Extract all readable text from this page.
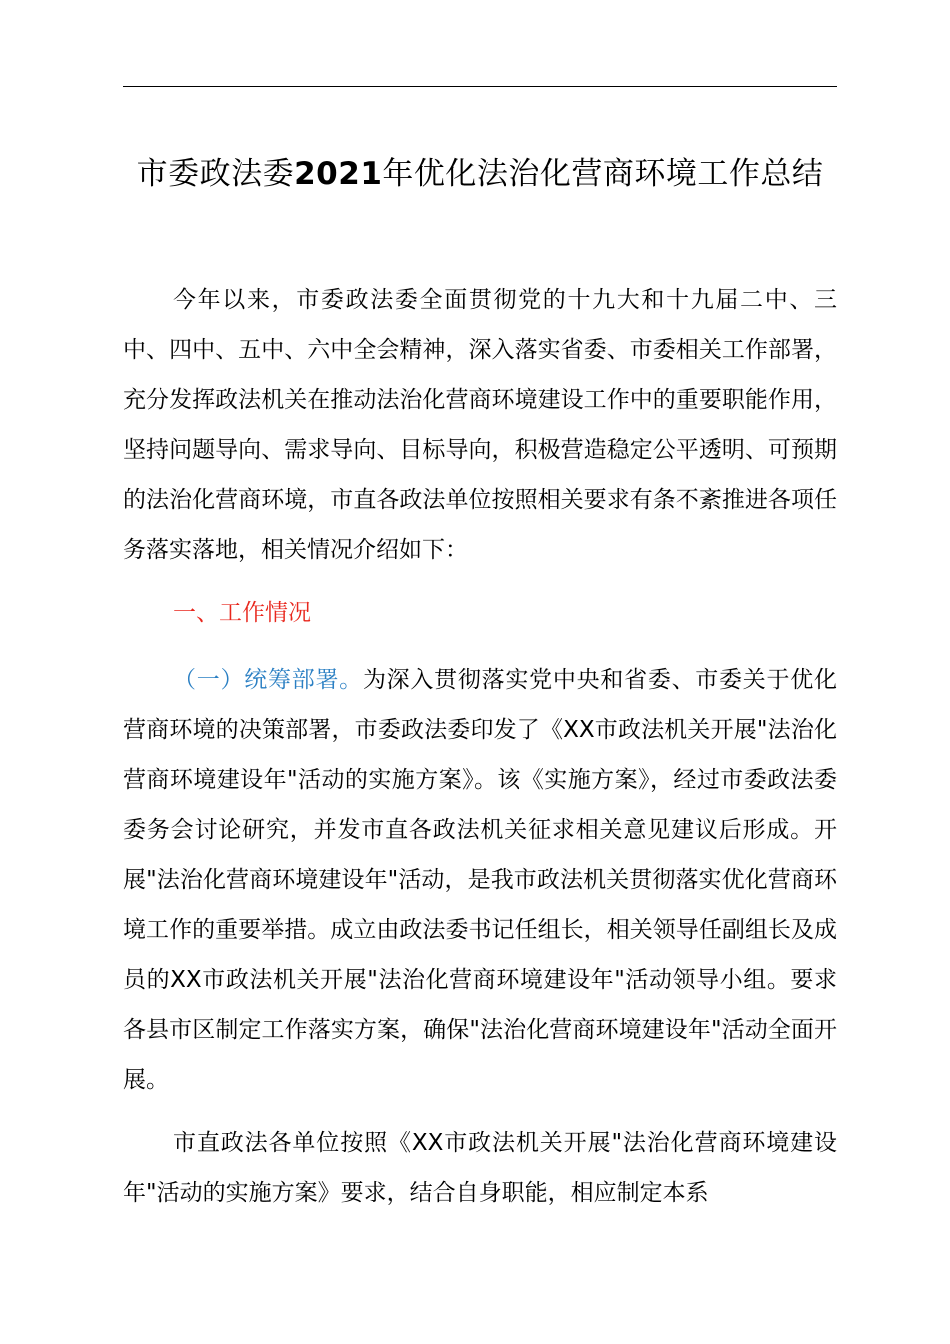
市委政法委2021年优化法治化营商环境工作总结

今年以来，市委政法委全面贯彻党的十九大和十九届二中、三中、四中、五中、六中全会精神，深入落实省委、市委相关工作部署，充分发挥政法机关在推动法治化营商环境建设工作中的重要职能作用，坚持问题导向、需求导向、目标导向，积极营造稳定公平透明、可预期的法治化营商环境，市直各政法单位按照相关要求有条不紊推进各项任务落实落地，相关情况介绍如下：

一、工作情况

（一）统筹部署。为深入贯彻落实党中央和省委、市委关于优化营商环境的决策部署，市委政法委印发了《XX市政法机关开展"法治化营商环境建设年"活动的实施方案》。该《实施方案》，经过市委政法委委务会讨论研究，并发市直各政法机关征求相关意见建议后形成。开展"法治化营商环境建设年"活动，是我市政法机关贯彻落实优化营商环境工作的重要举措。成立由政法委书记任组长，相关领导任副组长及成员的XX市政法机关开展"法治化营商环境建设年"活动领导小组。要求各县市区制定工作落实方案，确保"法治化营商环境建设年"活动全面开展。

市直政法各单位按照《XX市政法机关开展"法治化营商环境建设年"活动的实施方案》要求，结合自身职能，相应制定本系
